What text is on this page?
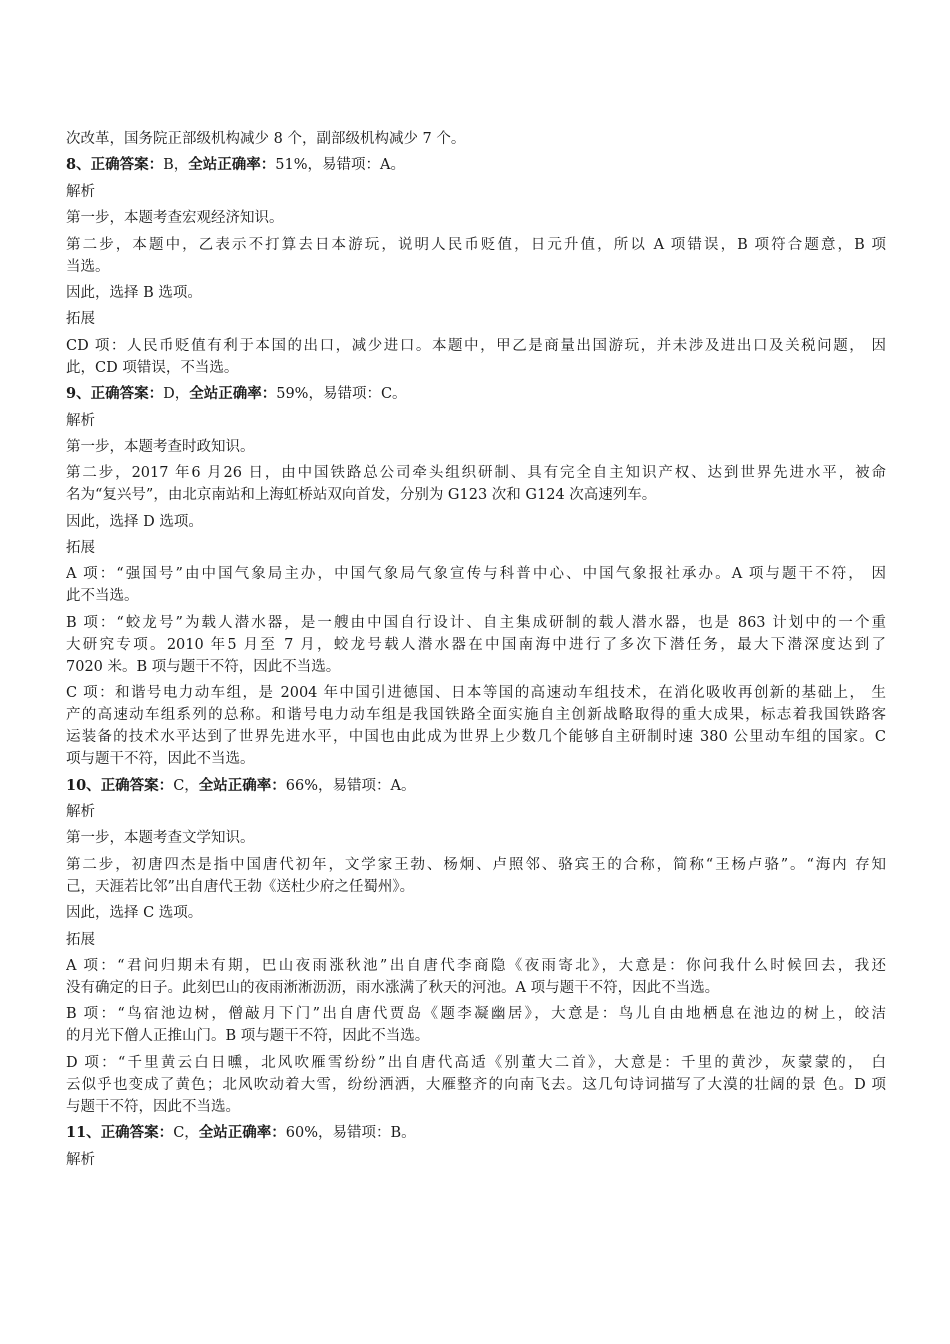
次改革，国务院正部级机构减少 8 个，副部级机构减少 7 个。
8、正确答案：B，全站正确率：51%，易错项：A。
解析
第一步，本题考查宏观经济知识。
第二步，本题中，乙表示不打算去日本游玩，说明人民币贬值，日元升值，所以 A 项错误，B 项符合题意，B 项
当选。
因此，选择 B 选项。
拓展
CD 项：人民币贬值有利于本国的出口，减少进口。本题中，甲乙是商量出国游玩，并未涉及进出口及关税问题， 因
此，CD 项错误，不当选。
9、正确答案：D，全站正确率：59%，易错项：C。
解析
第一步，本题考查时政知识。
第二步，2017 年6 月26 日，由中国铁路总公司牵头组织研制、具有完全自主知识产权、达到世界先进水平，被命
名为“复兴号”，由北京南站和上海虹桥站双向首发，分别为 G123 次和 G124 次高速列车。
因此，选择 D 选项。
拓展
A 项：“强国号”由中国气象局主办，中国气象局气象宣传与科普中心、中国气象报社承办。A 项与题干不符， 因
此不当选。
B 项：“蛟龙号”为载人潜水器，是一艘由中国自行设计、自主集成研制的载人潜水器，也是 863 计划中的一个重
大研究专项。2010 年5 月至 7 月，蛟龙号载人潜水器在中国南海中进行了多次下潜任务，最大下潜深度达到了
7020 米。B 项与题干不符，因此不当选。
C 项：和谐号电力动车组，是 2004 年中国引进德国、日本等国的高速动车组技术，在消化吸收再创新的基础上， 生
产的高速动车组系列的总称。和谐号电力动车组是我国铁路全面实施自主创新战略取得的重大成果，标志着我国铁路客
运装备的技术水平达到了世界先进水平，中国也由此成为世界上少数几个能够自主研制时速 380 公里动车组的国家。C
项与题干不符，因此不当选。
10、正确答案：C，全站正确率：66%，易错项：A。
解析
第一步，本题考查文学知识。
第二步，初唐四杰是指中国唐代初年，文学家王勃、杨炯、卢照邻、骆宾王的合称，简称“王杨卢骆”。“海内 存知
己，天涯若比邻”出自唐代王勃《送杜少府之任蜀州》。
因此，选择 C 选项。
拓展
A 项：“君问归期未有期，巴山夜雨涨秋池”出自唐代李商隐《夜雨寄北》，大意是：你问我什么时候回去，我还
没有确定的日子。此刻巴山的夜雨淅淅沥沥，雨水涨满了秋天的河池。A 项与题干不符，因此不当选。
B 项：“鸟宿池边树，僧敲月下门”出自唐代贾岛《题李凝幽居》，大意是：鸟儿自由地栖息在池边的树上，皎洁
的月光下僧人正推山门。B 项与题干不符，因此不当选。
D 项：“千里黄云白日曛，北风吹雁雪纷纷”出自唐代高适《别董大二首》，大意是：千里的黄沙，灰蒙蒙的， 白
云似乎也变成了黄色；北风吹动着大雪，纷纷洒洒，大雁整齐的向南飞去。这几句诗词描写了大漠的壮阔的景 色。D 项
与题干不符，因此不当选。
11、正确答案：C，全站正确率：60%，易错项：B。
解析
